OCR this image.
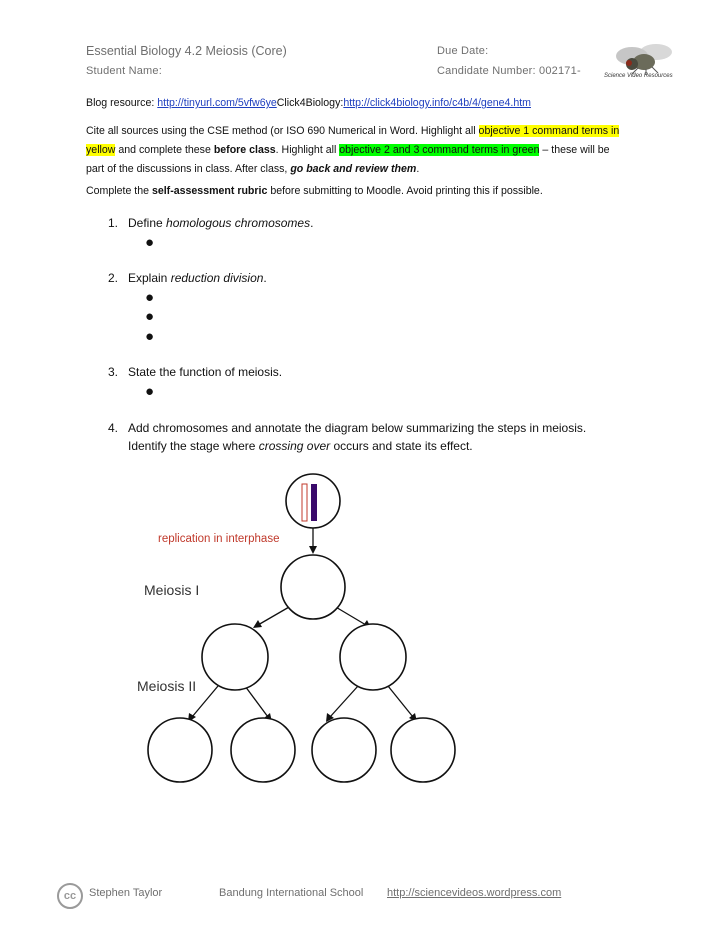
Essential Biology 4.2 Meiosis (Core)	Due Date:
Student Name:	Candidate Number: 002171-	Science Video Resources
Blog resource: http://tinyurl.com/5vfw6yeClick4Biology:http://click4biology.info/c4b/4/gene4.htm
Cite all sources using the CSE method (or ISO 690 Numerical in Word. Highlight all objective 1 command terms in
yellow and complete these before class. Highlight all objective 2 and 3 command terms in green – these will be
part of the discussions in class. After class, go back and review them.
Complete the self-assessment rubric before submitting to Moodle. Avoid printing this if possible.
1. Define homologous chromosomes.
●
2. Explain reduction division.
●
●
●
3. State the function of meiosis.
●
4. Add chromosomes and annotate the diagram below summarizing the steps in meiosis.
Identify the stage where crossing over occurs and state its effect.
replication in interphase
Meiosis I
Meiosis II
cc	Stephen Taylor	Bandung International School http://sciencevideos.wordpress.com
